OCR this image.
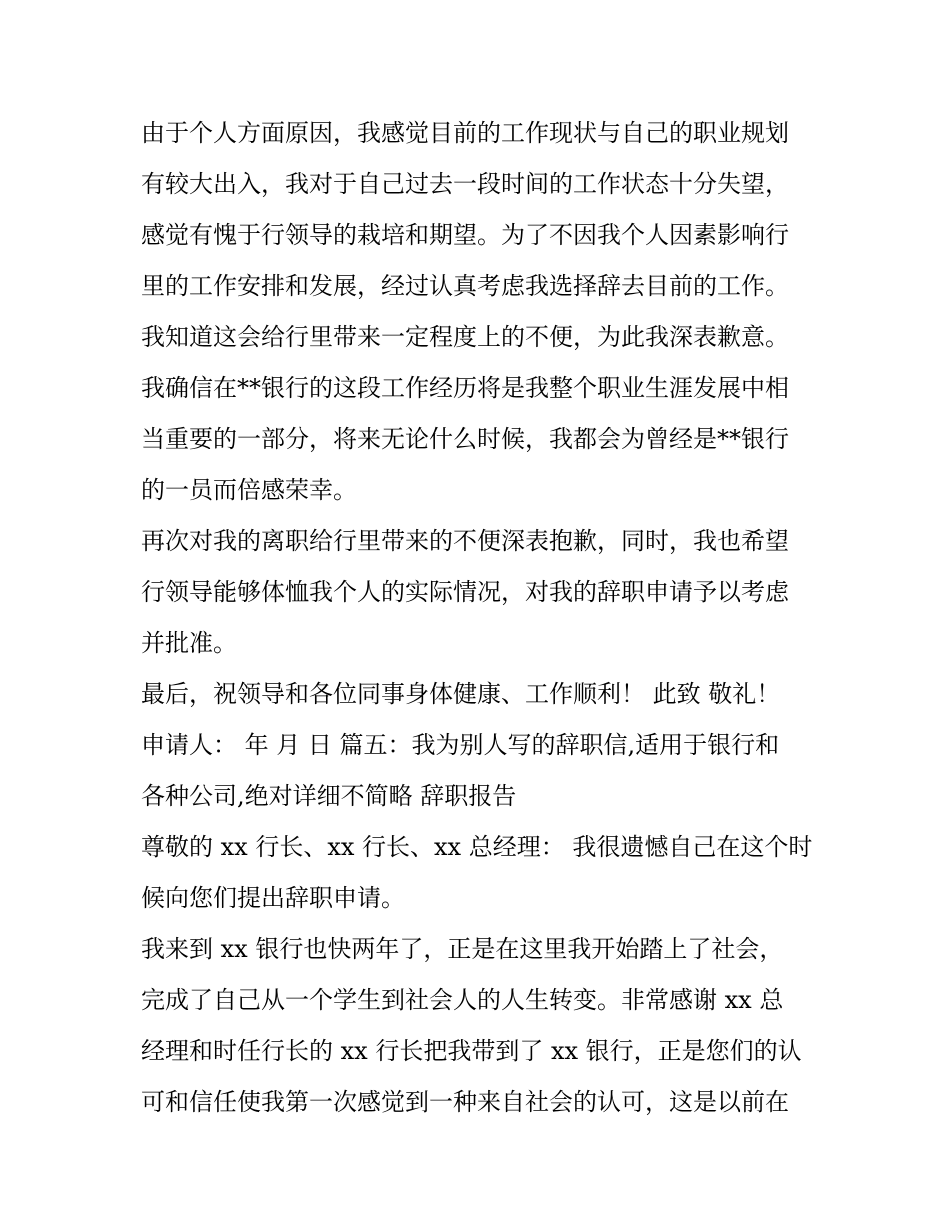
由于个人方面原因，我感觉目前的工作现状与自己的职业规划
有较大出入，我对于自己过去一段时间的工作状态十分失望，
感觉有愧于行领导的栽培和期望。为了不因我个人因素影响行
里的工作安排和发展，经过认真考虑我选择辞去目前的工作。
我知道这会给行里带来一定程度上的不便，为此我深表歉意。
我确信在**银行的这段工作经历将是我整个职业生涯发展中相
当重要的一部分，将来无论什么时候，我都会为曾经是**银行
的一员而倍感荣幸。
再次对我的离职给行里带来的不便深表抱歉，同时，我也希望
行领导能够体恤我个人的实际情况，对我的辞职申请予以考虑
并批准。
最后，祝领导和各位同事身体健康、工作顺利！ 此致 敬礼！
申请人： 年 月 日 篇五：我为别人写的辞职信,适用于银行和
各种公司,绝对详细不简略 辞职报告
尊敬的 xx 行长、xx 行长、xx 总经理： 我很遗憾自己在这个时
候向您们提出辞职申请。
我来到 xx 银行也快两年了，正是在这里我开始踏上了社会，
完成了自己从一个学生到社会人的人生转变。非常感谢 xx 总
经理和时任行长的 xx 行长把我带到了 xx 银行，正是您们的认
可和信任使我第一次感觉到一种来自社会的认可，这是以前在
